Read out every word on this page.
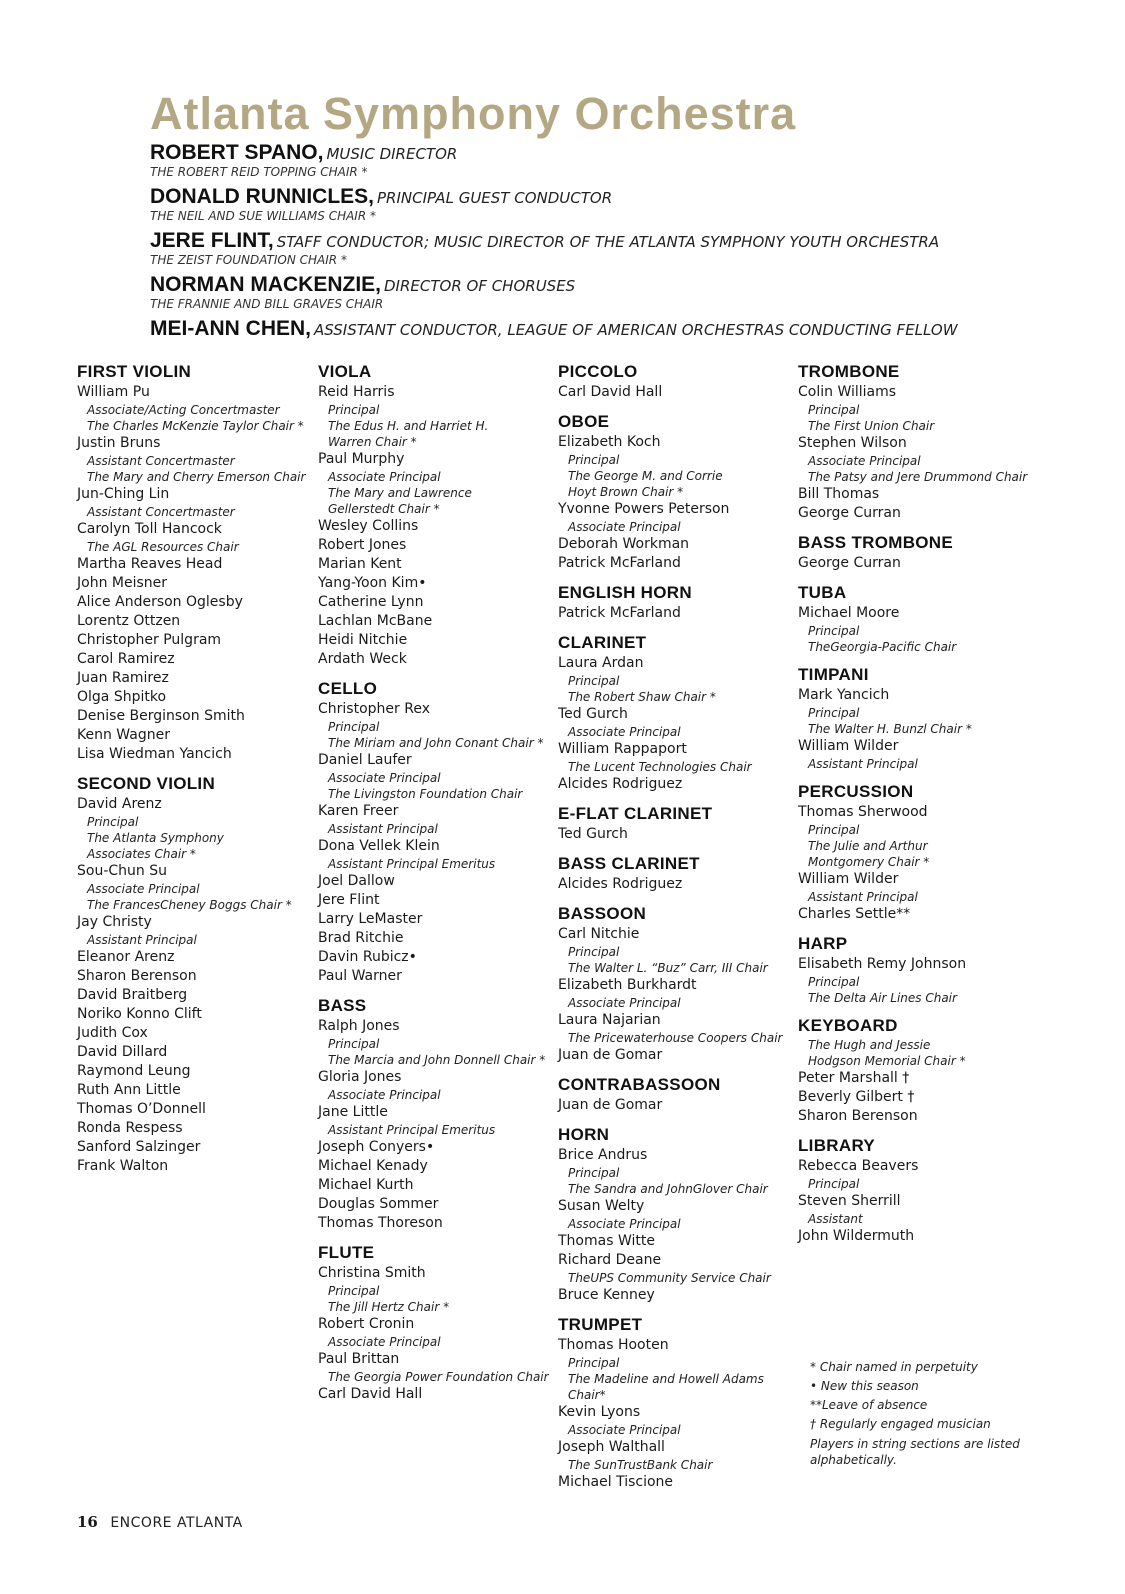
Atlanta Symphony Orchestra
ROBERT SPANO, MUSIC DIRECTOR
THE ROBERT REID TOPPING CHAIR *
DONALD RUNNICLES, PRINCIPAL GUEST CONDUCTOR
THE NEIL AND SUE WILLIAMS CHAIR *
JERE FLINT, STAFF CONDUCTOR; MUSIC DIRECTOR OF THE ATLANTA SYMPHONY YOUTH ORCHESTRA
THE ZEIST FOUNDATION CHAIR *
NORMAN MACKENZIE, DIRECTOR OF CHORUSES
THE FRANNIE AND BILL GRAVES CHAIR
MEI-ANN CHEN, ASSISTANT CONDUCTOR, LEAGUE OF AMERICAN ORCHESTRAS CONDUCTING FELLOW
FIRST VIOLIN
William Pu
Associate/Acting Concertmaster
The Charles McKenzie Taylor Chair *
Justin Bruns
Assistant Concertmaster
The Mary and Cherry Emerson Chair
Jun-Ching Lin
Assistant Concertmaster
Carolyn Toll Hancock
The AGL Resources Chair
Martha Reaves Head
John Meisner
Alice Anderson Oglesby
Lorentz Ottzen
Christopher Pulgram
Carol Ramirez
Juan Ramirez
Olga Shpitko
Denise Berginson Smith
Kenn Wagner
Lisa Wiedman Yancich
SECOND VIOLIN
David Arenz
Principal
The Atlanta Symphony
Associates Chair *
Sou-Chun Su
Associate Principal
The FrancesCheney Boggs Chair *
Jay Christy
Assistant Principal
Eleanor Arenz
Sharon Berenson
David Braitberg
Noriko Konno Clift
Judith Cox
David Dillard
Raymond Leung
Ruth Ann Little
Thomas O’Donnell
Ronda Respess
Sanford Salzinger
Frank Walton
VIOLA
Reid Harris
Principal
The Edus H. and Harriet H.
Warren Chair *
Paul Murphy
Associate Principal
The Mary and Lawrence
Gellerstedt Chair *
Wesley Collins
Robert Jones
Marian Kent
Yang-Yoon Kim•
Catherine Lynn
Lachlan McBane
Heidi Nitchie
Ardath Weck
CELLO
Christopher Rex
Principal
The Miriam and John Conant Chair *
Daniel Laufer
Associate Principal
The Livingston Foundation Chair
Karen Freer
Assistant Principal
Dona Vellek Klein
Assistant Principal Emeritus
Joel Dallow
Jere Flint
Larry LeMaster
Brad Ritchie
Davin Rubicz•
Paul Warner
BASS
Ralph Jones
Principal
The Marcia and John Donnell Chair *
Gloria Jones
Associate Principal
Jane Little
Assistant Principal Emeritus
Joseph Conyers•
Michael Kenady
Michael Kurth
Douglas Sommer
Thomas Thoreson
FLUTE
Christina Smith
Principal
The Jill Hertz Chair *
Robert Cronin
Associate Principal
Paul Brittan
The Georgia Power Foundation Chair
Carl David Hall
PICCOLO
Carl David Hall
OBOE
Elizabeth Koch
Principal
The George M. and Corrie
Hoyt Brown Chair *
Yvonne Powers Peterson
Associate Principal
Deborah Workman
Patrick McFarland
ENGLISH HORN
Patrick McFarland
CLARINET
Laura Ardan
Principal
The Robert Shaw Chair *
Ted Gurch
Associate Principal
William Rappaport
The Lucent Technologies Chair
Alcides Rodriguez
E-FLAT CLARINET
Ted Gurch
BASS CLARINET
Alcides Rodriguez
BASSOON
Carl Nitchie
Principal
The Walter L. “Buz” Carr, III Chair
Elizabeth Burkhardt
Associate Principal
Laura Najarian
The Pricewaterhouse Coopers Chair
Juan de Gomar
CONTRABASSOON
Juan de Gomar
HORN
Brice Andrus
Principal
The Sandra and JohnGlover Chair
Susan Welty
Associate Principal
Thomas Witte
Richard Deane
TheUPS Community Service Chair
Bruce Kenney
TRUMPET
Thomas Hooten
Principal
The Madeline and Howell Adams Chair*
Kevin Lyons
Associate Principal
Joseph Walthall
The SunTrustBank Chair
Michael Tiscione
TROMBONE
Colin Williams
Principal
The First Union Chair
Stephen Wilson
Associate Principal
The Patsy and Jere Drummond Chair
Bill Thomas
George Curran
BASS TROMBONE
George Curran
TUBA
Michael Moore
Principal
TheGeorgia-Pacific Chair
TIMPANI
Mark Yancich
Principal
The Walter H. Bunzl Chair *
William Wilder
Assistant Principal
PERCUSSION
Thomas Sherwood
Principal
The Julie and Arthur
Montgomery Chair *
William Wilder
Assistant Principal
Charles Settle**
HARP
Elisabeth Remy Johnson
Principal
The Delta Air Lines Chair
KEYBOARD
The Hugh and Jessie
Hodgson Memorial Chair *
Peter Marshall †
Beverly Gilbert †
Sharon Berenson
LIBRARY
Rebecca Beavers
Principal
Steven Sherrill
Assistant
John Wildermuth
* Chair named in perpetuity
• New this season
**Leave of absence
† Regularly engaged musician
Players in string sections are listed alphabetically.
16 ENCORE ATLANTA
